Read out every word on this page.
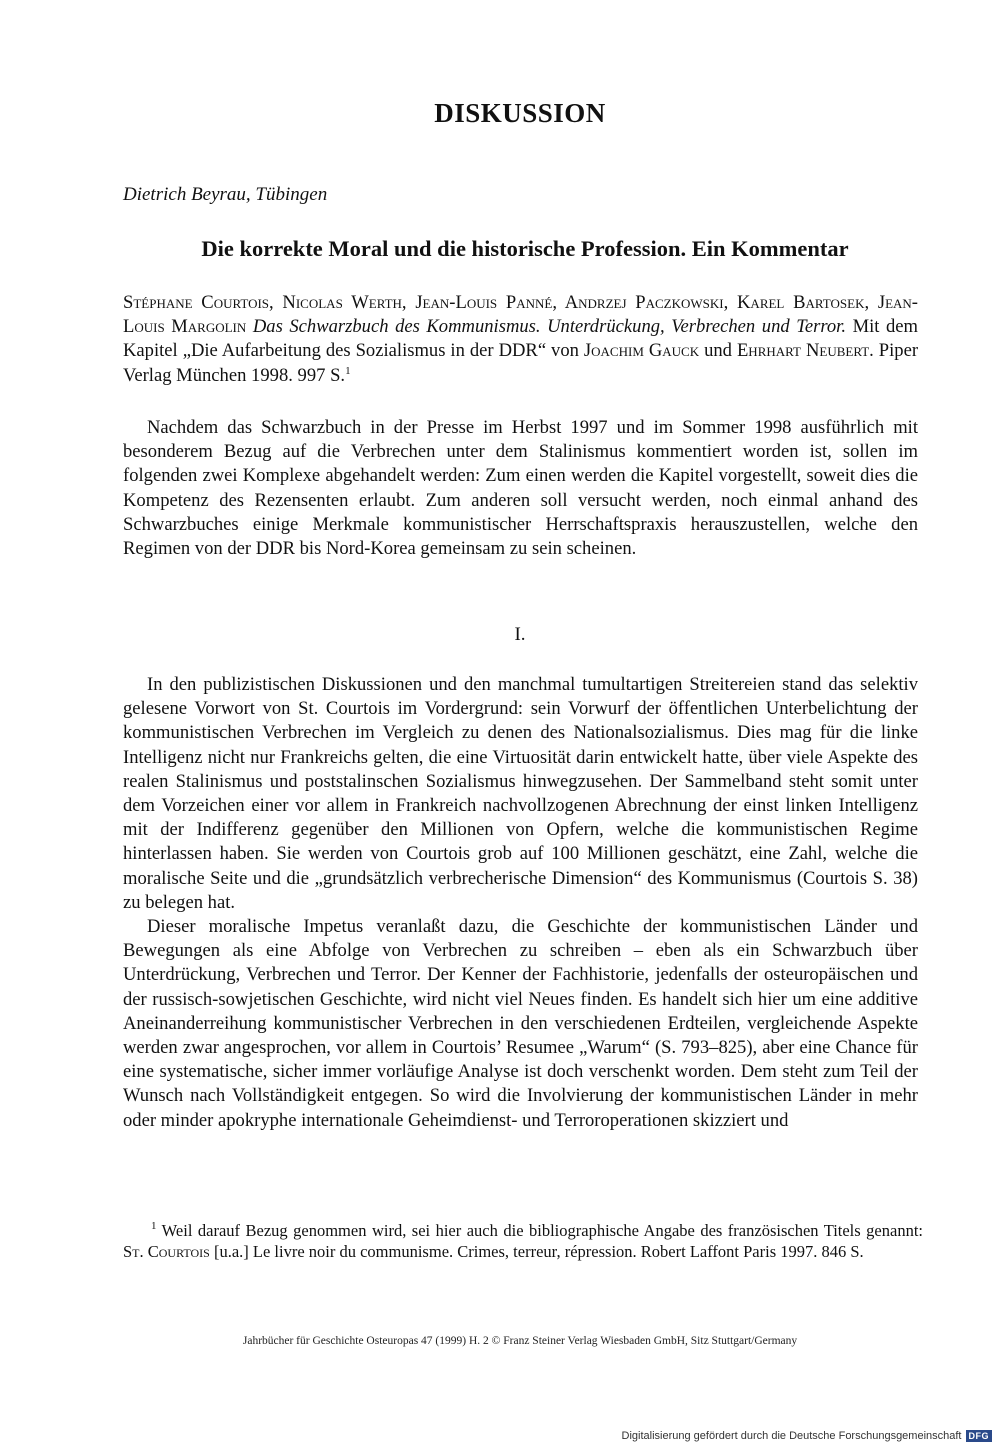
DISKUSSION

Dietrich Beyrau, Tübingen

Die korrekte Moral und die historische Profession. Ein Kommentar

Stéphane Courtois, Nicolas Werth, Jean-Louis Panné, Andrzej Paczkowski, Karel Bartosek, Jean-Louis Margolin Das Schwarzbuch des Kommunismus. Unterdrückung, Verbrechen und Terror. Mit dem Kapitel „Die Aufarbeitung des Sozialismus in der DDR“ von Joachim Gauck und Ehrhart Neubert. Piper Verlag München 1998. 997 S.$^1$

Nachdem das Schwarzbuch in der Presse im Herbst 1997 und im Sommer 1998 ausführlich mit besonderem Bezug auf die Verbrechen unter dem Stalinismus kommentiert worden ist, sollen im folgenden zwei Komplexe abgehandelt werden: Zum einen werden die Kapitel vorgestellt, soweit dies die Kompetenz des Rezensenten erlaubt. Zum anderen soll versucht werden, noch einmal anhand des Schwarzbuches einige Merkmale kommunistischer Herrschaftspraxis herauszustellen, welche den Regimen von der DDR bis Nord-Korea gemeinsam zu sein scheinen.

I.

In den publizistischen Diskussionen und den manchmal tumultartigen Streitereien stand das selektiv gelesene Vorwort von St. Courtois im Vordergrund: sein Vorwurf der öffentlichen Unterbelichtung der kommunistischen Verbrechen im Vergleich zu denen des Nationalsozialismus. Dies mag für die linke Intelligenz nicht nur Frankreichs gelten, die eine Virtuosität darin entwickelt hatte, über viele Aspekte des realen Stalinismus und poststalinschen Sozialismus hinwegzusehen. Der Sammelband steht somit unter dem Vorzeichen einer vor allem in Frankreich nachvollzogenen Abrechnung der einst linken Intelligenz mit der Indifferenz gegenüber den Millionen von Opfern, welche die kommunistischen Regime hinterlassen haben. Sie werden von Courtois grob auf 100 Millionen geschätzt, eine Zahl, welche die moralische Seite und die „grundsätzlich verbrecherische Dimension“ des Kommunismus (Courtois S. 38) zu belegen hat.

Dieser moralische Impetus veranlaßt dazu, die Geschichte der kommunistischen Länder und Bewegungen als eine Abfolge von Verbrechen zu schreiben – eben als ein Schwarzbuch über Unterdrückung, Verbrechen und Terror. Der Kenner der Fachhistorie, jedenfalls der osteuropäischen und der russisch-sowjetischen Geschichte, wird nicht viel Neues finden. Es handelt sich hier um eine additive Aneinanderreihung kommunistischer Verbrechen in den verschiedenen Erdteilen, vergleichende Aspekte werden zwar angesprochen, vor allem in Courtois’ Resumee „Warum“ (S. 793–825), aber eine Chance für eine systematische, sicher immer vorläufige Analyse ist doch verschenkt worden. Dem steht zum Teil der Wunsch nach Vollständigkeit entgegen. So wird die Involvierung der kommunistischen Länder in mehr oder minder apokryphe internationale Geheimdienst- und Terroroperationen skizziert und

$^1$ Weil darauf Bezug genommen wird, sei hier auch die bibliographische Angabe des französischen Titels genannt: St. Courtois [u.a.] Le livre noir du communisme. Crimes, terreur, répression. Robert Laffont Paris 1997. 846 S.

Jahrbücher für Geschichte Osteuropas 47 (1999) H. 2 © Franz Steiner Verlag Wiesbaden GmbH, Sitz Stuttgart/Germany

Digitalisierung gefördert durch die Deutsche Forschungsgemeinschaft DFG
